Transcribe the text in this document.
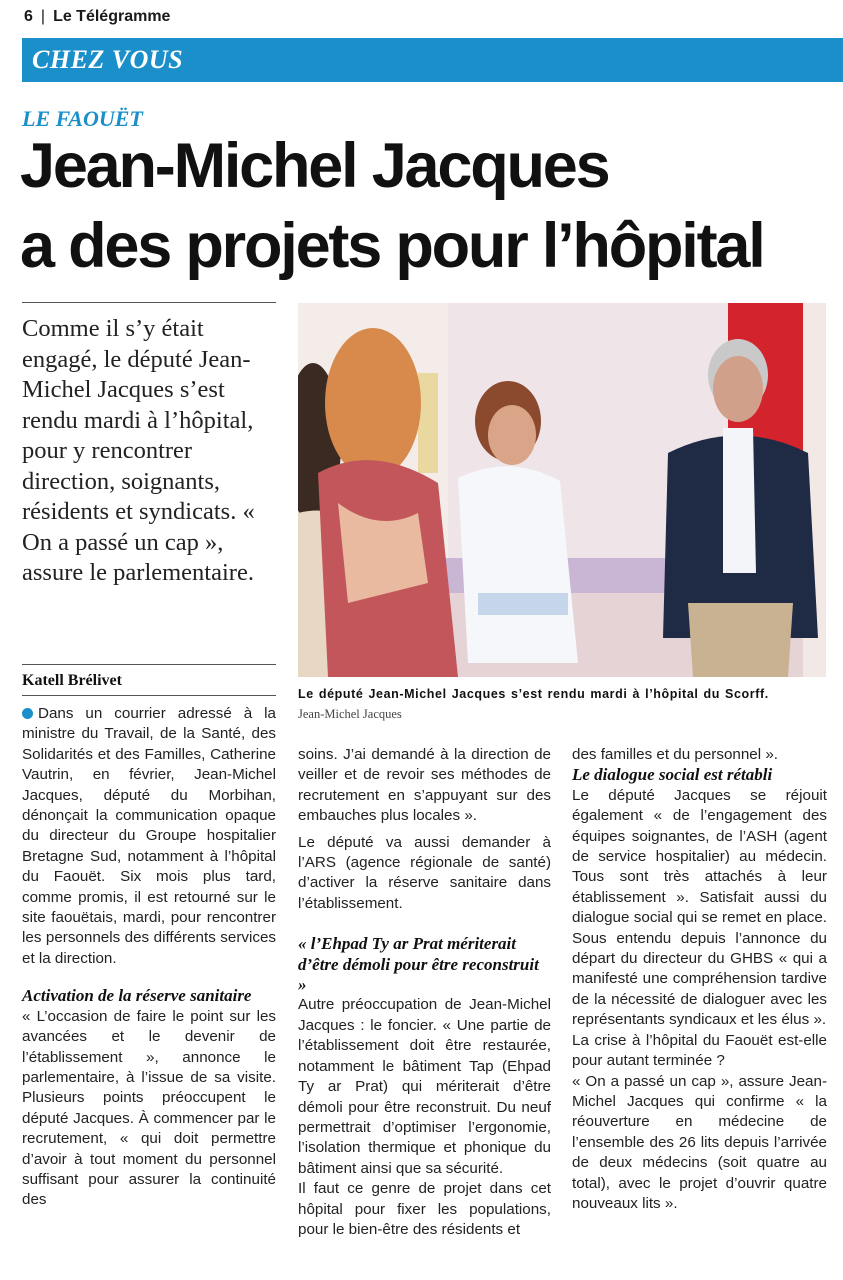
6 | Le Télégramme
CHEZ VOUS
LE FAOUËT
Jean-Michel Jacques
a des projets pour l’hôpital
Comme il s’y était engagé, le député Jean-Michel Jacques s’est rendu mardi à l’hôpital, pour y rencontrer direction, soignants, résidents et syndicats. « On a passé un cap », assure le parlementaire.
Le député Jean-Michel Jacques s’est rendu mardi à l’hôpital du Scorff.
Jean-Michel Jacques
Katell Brélivet

Dans un courrier adressé à la ministre du Travail, de la Santé, des Solidarités et des Familles, Catherine Vautrin, en février, Jean-Michel Jacques, député du Morbihan, dénonçait la communication opaque du directeur du Groupe hospitalier Bretagne Sud, notamment à l’hôpital du Faouët. Six mois plus tard, comme promis, il est retourné sur le site faouëtais, mardi, pour rencontrer les personnels des différents services et la direction.

Activation de la réserve sanitaire

« L’occasion de faire le point sur les avancées et le devenir de l’établissement », annonce le parlementaire, à l’issue de sa visite. Plusieurs points préoccupent le député Jacques. À commencer par le recrutement, « qui doit permettre d’avoir à tout moment du personnel suffisant pour assurer la continuité des

soins. J’ai demandé à la direction de veiller et de revoir ses méthodes de recrutement en s’appuyant sur des embauches plus locales ».

Le député va aussi demander à l’ARS (agence régionale de santé) d’activer la réserve sanitaire dans l’établissement.

« l’Ehpad Ty ar Prat mériterait d’être démoli pour être reconstruit »

Autre préoccupation de Jean-Michel Jacques : le foncier. « Une partie de l’établissement doit être restaurée, notamment le bâtiment Tap (Ehpad Ty ar Prat) qui mériterait d’être démoli pour être reconstruit. Du neuf permettrait d’optimiser l’ergonomie, l’isolation thermique et phonique du bâtiment ainsi que sa sécurité.

Il faut ce genre de projet dans cet hôpital pour fixer les populations, pour le bien-être des résidents et

des familles et du personnel ».

Le dialogue social est rétabli

Le député Jacques se réjouit également « de l’engagement des équipes soignantes, de l’ASH (agent de service hospitalier) au médecin. Tous sont très attachés à leur établissement ». Satisfait aussi du dialogue social qui se remet en place. Sous entendu depuis l’annonce du départ du directeur du GHBS « qui a manifesté une compréhension tardive de la nécessité de dialoguer avec les représentants syndicaux et les élus ».

La crise à l’hôpital du Faouët est-elle pour autant terminée ?

« On a passé un cap », assure Jean-Michel Jacques qui confirme « la réouverture en médecine de l’ensemble des 26 lits depuis l’arrivée de deux médecins (soit quatre au total), avec le projet d’ouvrir quatre nouveaux lits ».
